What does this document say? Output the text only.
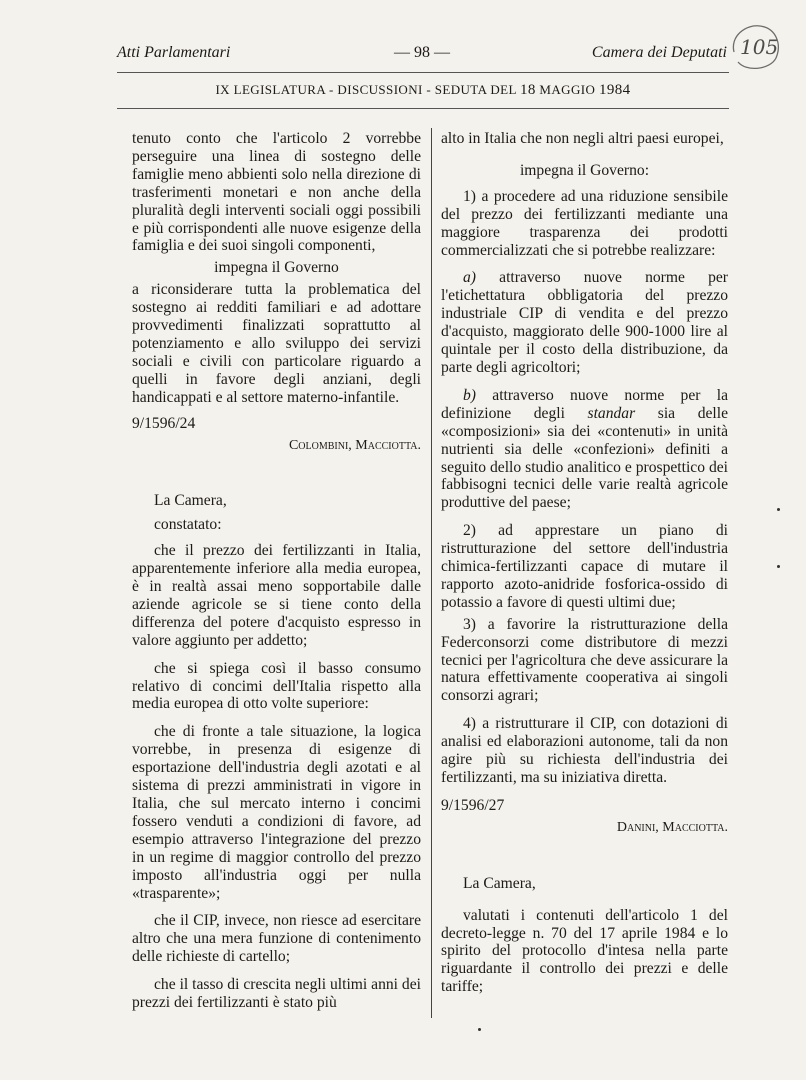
Atti Parlamentari	— 98 —	Camera dei Deputati 105
IX LEGISLATURA - DISCUSSIONI - SEDUTA DEL 18 MAGGIO 1984

tenuto conto che l'articolo 2 vorrebbe perseguire una linea di sostegno delle famiglie meno abbienti solo nella direzione di trasferimenti monetari e non anche della pluralità degli interventi sociali oggi possibili e più corrispondenti alle nuove esigenze della famiglia e dei suoi singoli componenti,

impegna il Governo

a riconsiderare tutta la problematica del sostegno ai redditi familiari e ad adottare provvedimenti finalizzati soprattutto al potenziamento e allo sviluppo dei servizi sociali e civili con particolare riguardo a quelli in favore degli anziani, degli handicappati e al settore materno-infantile.

9/1596/24

Colombini, Macciotta.

La Camera,

constatato:

che il prezzo dei fertilizzanti in Italia, apparentemente inferiore alla media europea, è in realtà assai meno sopportabile dalle aziende agricole se si tiene conto della differenza del potere d'acquisto espresso in valore aggiunto per addetto;

che si spiega così il basso consumo relativo di concimi dell'Italia rispetto alla media europea di otto volte superiore:

che di fronte a tale situazione, la logica vorrebbe, in presenza di esigenze di esportazione dell'industria degli azotati e al sistema di prezzi amministrati in vigore in Italia, che sul mercato interno i concimi fossero venduti a condizioni di favore, ad esempio attraverso l'integrazione del prezzo in un regime di maggior controllo del prezzo imposto all'industria oggi per nulla «trasparente»;

che il CIP, invece, non riesce ad esercitare altro che una mera funzione di contenimento delle richieste di cartello;

che il tasso di crescita negli ultimi anni dei prezzi dei fertilizzanti è stato più

alto in Italia che non negli altri paesi europei,

impegna il Governo:

1) a procedere ad una riduzione sensibile del prezzo dei fertilizzanti mediante una maggiore trasparenza dei prodotti commercializzati che si potrebbe realizzare:

a) attraverso nuove norme per l'etichettatura obbligatoria del prezzo industriale CIP di vendita e del prezzo d'acquisto, maggiorato delle 900-1000 lire al quintale per il costo della distribuzione, da parte degli agricoltori;

b) attraverso nuove norme per la definizione degli standar sia delle «composizioni» sia dei «contenuti» in unità nutrienti sia delle «confezioni» definiti a seguito dello studio analitico e prospettico dei fabbisogni tecnici delle varie realtà agricole produttive del paese;

2) ad apprestare un piano di ristrutturazione del settore dell'industria chimica-fertilizzanti capace di mutare il rapporto azoto-anidride fosforica-ossido di potassio a favore di questi ultimi due;

3) a favorire la ristrutturazione della Federconsorzi come distributore di mezzi tecnici per l'agricoltura che deve assicurare la natura effettivamente cooperativa ai singoli consorzi agrari;

4) a ristrutturare il CIP, con dotazioni di analisi ed elaborazioni autonome, tali da non agire più su richiesta dell'industria dei fertilizzanti, ma su iniziativa diretta.

9/1596/27

Danini, Macciotta.

La Camera,

valutati i contenuti dell'articolo 1 del decreto-legge n. 70 del 17 aprile 1984 e lo spirito del protocollo d'intesa nella parte riguardante il controllo dei prezzi e delle tariffe;
